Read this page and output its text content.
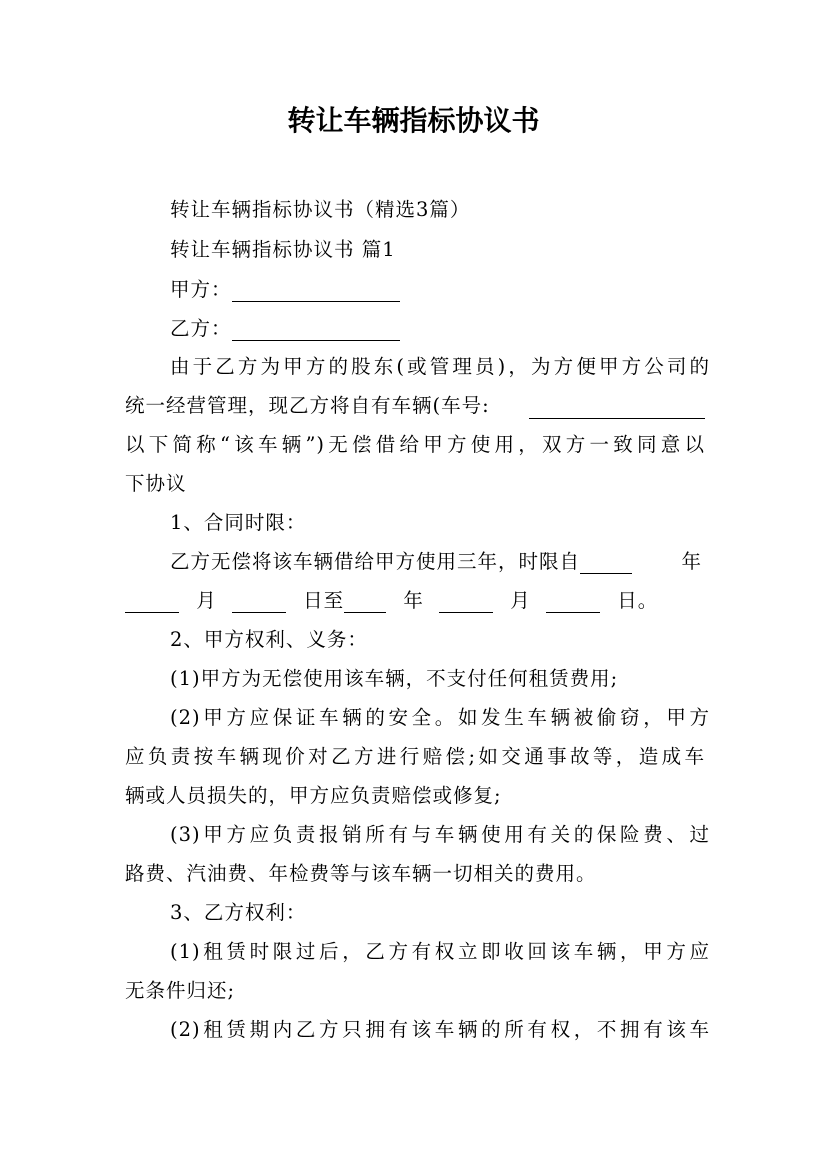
转让车辆指标协议书
转让车辆指标协议书（精选3篇）
转让车辆指标协议书 篇1
甲方：
乙方：
由于乙方为甲方的股东(或管理员)，为方便甲方公司的
统一经营管理，现乙方将自有车辆(车号:
以下简称“该车辆”)无偿借给甲方使用，双方一致同意以
下协议
1、合同时限：
乙方无偿将该车辆借给甲方使用三年，时限自	年
月	日至	年	月	日。
2、甲方权利、义务：
(1)甲方为无偿使用该车辆，不支付任何租赁费用;
(2)甲方应保证车辆的安全。如发生车辆被偷窃，甲方
应负责按车辆现价对乙方进行赔偿;如交通事故等，造成车
辆或人员损失的，甲方应负责赔偿或修复;
(3)甲方应负责报销所有与车辆使用有关的保险费、过
路费、汽油费、年检费等与该车辆一切相关的费用。
3、乙方权利：
(1)租赁时限过后，乙方有权立即收回该车辆，甲方应
无条件归还;
(2)租赁期内乙方只拥有该车辆的所有权，不拥有该车
